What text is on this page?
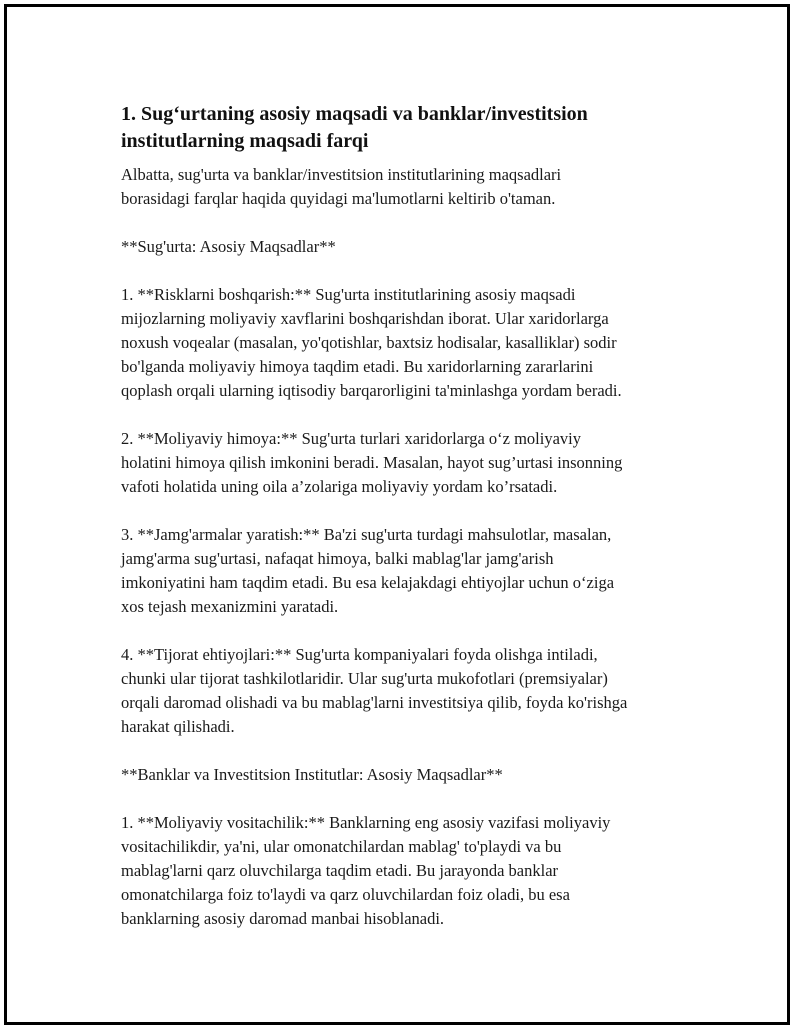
1. Sug‘urtaning asosiy maqsadi va banklar/investitsion
institutlarning maqsadi farqi

Albatta, sug'urta va banklar/investitsion institutlarining maqsadlari
borasidagi farqlar haqida quyidagi ma'lumotlarni keltirib o'taman.

**Sug'urta: Asosiy Maqsadlar**

1. **Risklarni boshqarish:** Sug'urta institutlarining asosiy maqsadi
mijozlarning moliyaviy xavflarini boshqarishdan iborat. Ular xaridorlarga
noxush voqealar (masalan, yo'qotishlar, baxtsiz hodisalar, kasalliklar) sodir
bo'lganda moliyaviy himoya taqdim etadi. Bu xaridorlarning zararlarini
qoplash orqali ularning iqtisodiy barqarorligini ta'minlashga yordam beradi.

2. **Moliyaviy himoya:** Sug'urta turlari xaridorlarga o‘z moliyaviy
holatini himoya qilish imkonini beradi. Masalan, hayot sug’urtasi insonning
vafoti holatida uning oila a’zolariga moliyaviy yordam ko’rsatadi.

3. **Jamg'armalar yaratish:** Ba'zi sug'urta turdagi mahsulotlar, masalan,
jamg'arma sug'urtasi, nafaqat himoya, balki mablag'lar jamg'arish
imkoniyatini ham taqdim etadi. Bu esa kelajakdagi ehtiyojlar uchun o‘ziga
xos tejash mexanizmini yaratadi.

4. **Tijorat ehtiyojlari:** Sug'urta kompaniyalari foyda olishga intiladi,
chunki ular tijorat tashkilotlaridir. Ular sug'urta mukofotlari (premsiyalar)
orqali daromad olishadi va bu mablag'larni investitsiya qilib, foyda ko'rishga
harakat qilishadi.

**Banklar va Investitsion Institutlar: Asosiy Maqsadlar**

1. **Moliyaviy vositachilik:** Banklarning eng asosiy vazifasi moliyaviy
vositachilikdir, ya'ni, ular omonatchilardan mablag' to'playdi va bu
mablag'larni qarz oluvchilarga taqdim etadi. Bu jarayonda banklar
omonatchilarga foiz to'laydi va qarz oluvchilardan foiz oladi, bu esa
banklarning asosiy daromad manbai hisoblanadi.
